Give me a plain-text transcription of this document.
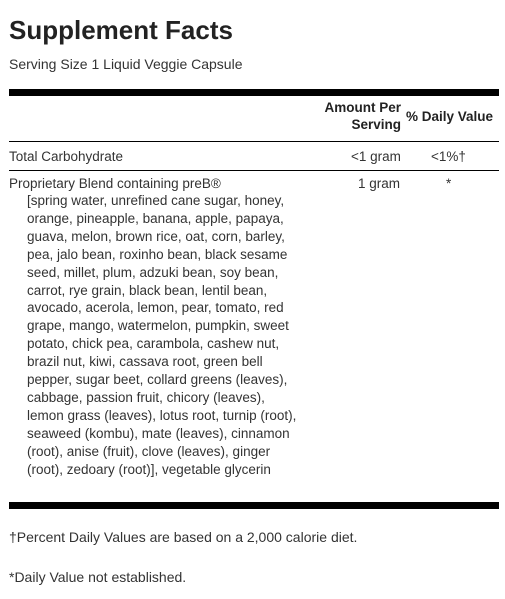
Supplement Facts
Serving Size 1 Liquid Veggie Capsule
Amount Per
Serving
% Daily Value
Total Carbohydrate	<1 gram <1%†
Proprietary Blend containing preB®	1 gram	*
[spring water, unrefined cane sugar, honey, orange, pineapple, banana, apple, papaya, guava, melon, brown rice, oat, corn, barley, pea, jalo bean, roxinho bean, black sesame seed, millet, plum, adzuki bean, soy bean, carrot, rye grain, black bean, lentil bean, avocado, acerola, lemon, pear, tomato, red grape, mango, watermelon, pumpkin, sweet potato, chick pea, carambola, cashew nut, brazil nut, kiwi, cassava root, green bell pepper, sugar beet, collard greens (leaves), cabbage, passion fruit, chicory (leaves), lemon grass (leaves), lotus root, turnip (root), seaweed (kombu), mate (leaves), cinnamon (root), anise (fruit), clove (leaves), ginger (root), zedoary (root)], vegetable glycerin
†Percent Daily Values are based on a 2,000 calorie diet.
*Daily Value not established.
